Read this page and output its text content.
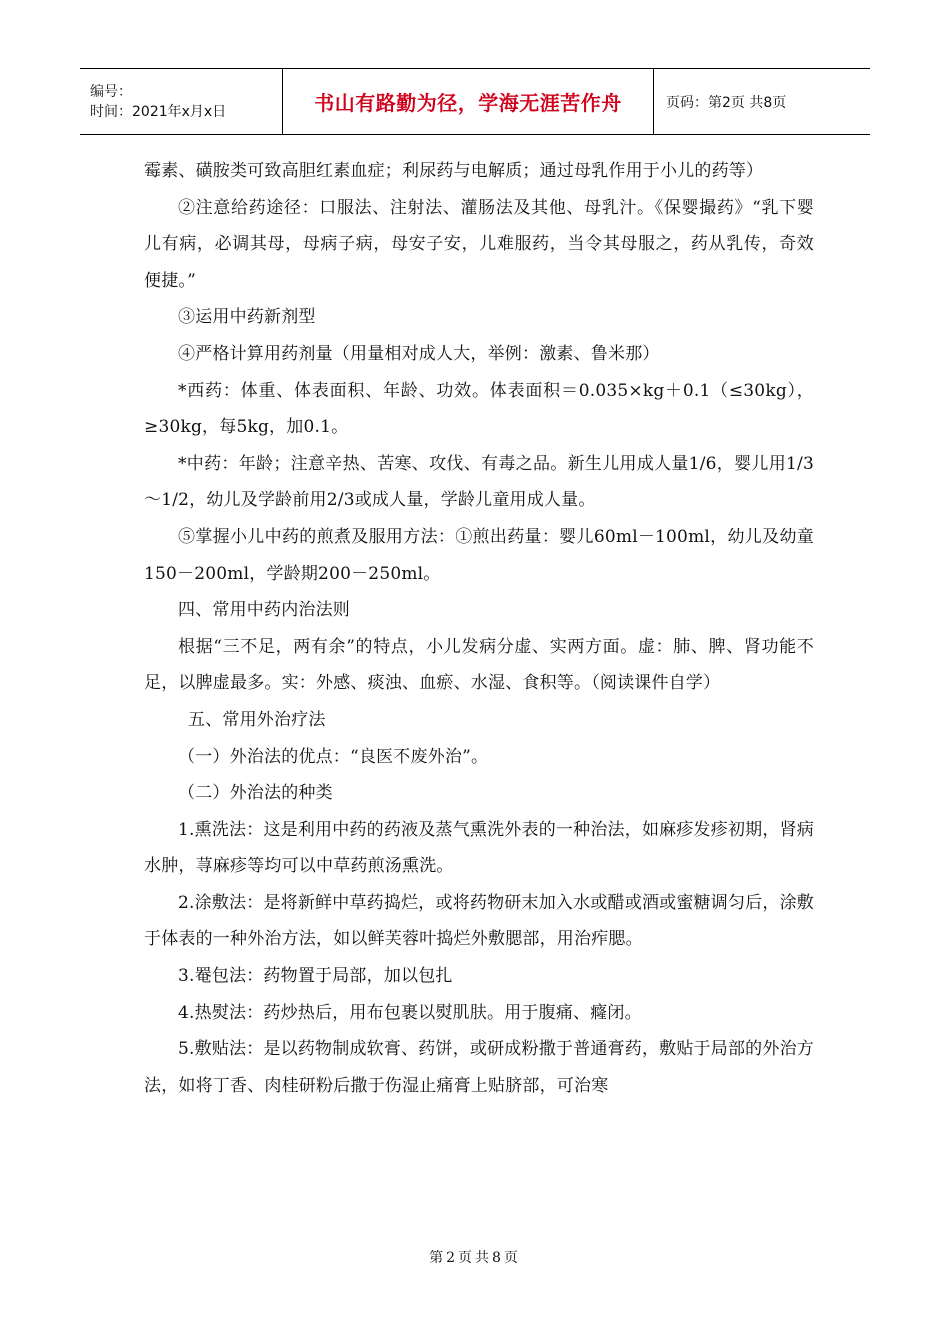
编号：
时间：2021年x月x日	书山有路勤为径，学海无涯苦作舟	页码：第2页 共8页

霉素、磺胺类可致高胆红素血症；利尿药与电解质；通过母乳作用于小儿的药等）

②注意给药途径：口服法、注射法、灌肠法及其他、母乳汁。《保婴撮药》“乳下婴儿有病，必调其母，母病子病，母安子安，儿难服药，当令其母服之，药从乳传，奇效便捷。”

③运用中药新剂型

④严格计算用药剂量（用量相对成人大，举例：激素、鲁米那）

*西药：体重、体表面积、年龄、功效。体表面积＝0.035×kg＋0.1（≤30kg），≥30kg，每5kg，加0.1。

*中药：年龄；注意辛热、苦寒、攻伐、有毒之品。新生儿用成人量1/6，婴儿用1/3～1/2，幼儿及学龄前用2/3或成人量，学龄儿童用成人量。

⑤掌握小儿中药的煎煮及服用方法：①煎出药量：婴儿60ml－100ml，幼儿及幼童150－200ml，学龄期200－250ml。

四、常用中药内治法则

根据“三不足，两有余”的特点，小儿发病分虚、实两方面。虚：肺、脾、肾功能不足，以脾虚最多。实：外感、痰浊、血瘀、水湿、食积等。（阅读课件自学）

五、常用外治疗法

（一）外治法的优点：“良医不废外治”。

（二）外治法的种类

1.熏洗法：这是利用中药的药液及蒸气熏洗外表的一种治法，如麻疹发疹初期，肾病水肿，荨麻疹等均可以中草药煎汤熏洗。

2.涂敷法：是将新鲜中草药捣烂，或将药物研末加入水或醋或酒或蜜糖调匀后，涂敷于体表的一种外治方法，如以鲜芙蓉叶捣烂外敷腮部，用治痄腮。

3.罨包法：药物置于局部，加以包扎

4.热熨法：药炒热后，用布包裹以熨肌肤。用于腹痛、癃闭。

5.敷贴法：是以药物制成软膏、药饼，或研成粉撒于普通膏药，敷贴于局部的外治方法，如将丁香、肉桂研粉后撒于伤湿止痛膏上贴脐部，可治寒

第2页共8页
